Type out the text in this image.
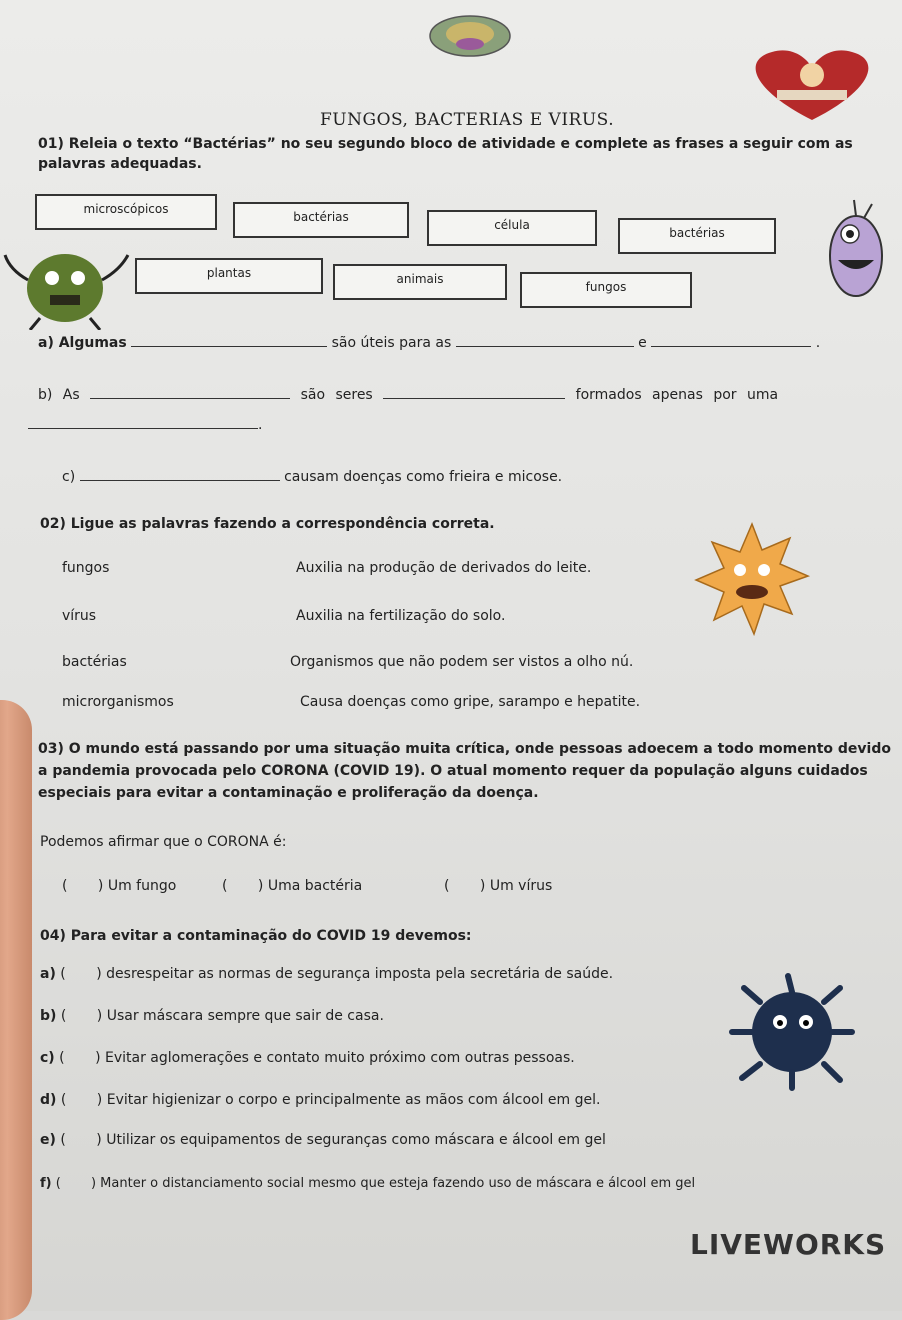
FUNGOS, BACTERIAS E VIRUS.
01) Releia o texto “Bactérias” no seu segundo bloco de atividade e complete as frases a seguir com as palavras adequadas.
microscópicos
bactérias
célula
bactérias
plantas	animais
fungos
a) Algumas	são úteis para as	e	.
b) As	são seres	formados apenas por uma
.
c)	causam doenças como frieira e micose.
02) Ligue as palavras fazendo a correspondência correta.
fungos	Auxilia na produção de derivados do leite.
vírus	Auxilia na fertilização do solo.
bactérias	Organismos que não podem ser vistos a olho nú.
microrganismos	Causa doenças como gripe, sarampo e hepatite.
03) O mundo está passando por uma situação muita crítica, onde pessoas adoecem a todo momento devido a pandemia provocada pelo CORONA (COVID 19). O atual momento requer da população alguns cuidados especiais para evitar a contaminação e proliferação da doença.
Podemos afirmar que o CORONA é:
( ) Um fungo	( ) Uma bactéria	( ) Um vírus
04) Para evitar a contaminação do COVID 19 devemos:
a) ( ) desrespeitar as normas de segurança imposta pela secretária de saúde.
b) ( ) Usar máscara sempre que sair de casa.
c) ( ) Evitar aglomerações e contato muito próximo com outras pessoas.
d) ( ) Evitar higienizar o corpo e principalmente as mãos com álcool em gel.
e) ( ) Utilizar os equipamentos de seguranças como máscara e álcool em gel
f) ( ) Manter o distanciamento social mesmo que esteja fazendo uso de máscara e álcool em gel
LIVEWORKS
